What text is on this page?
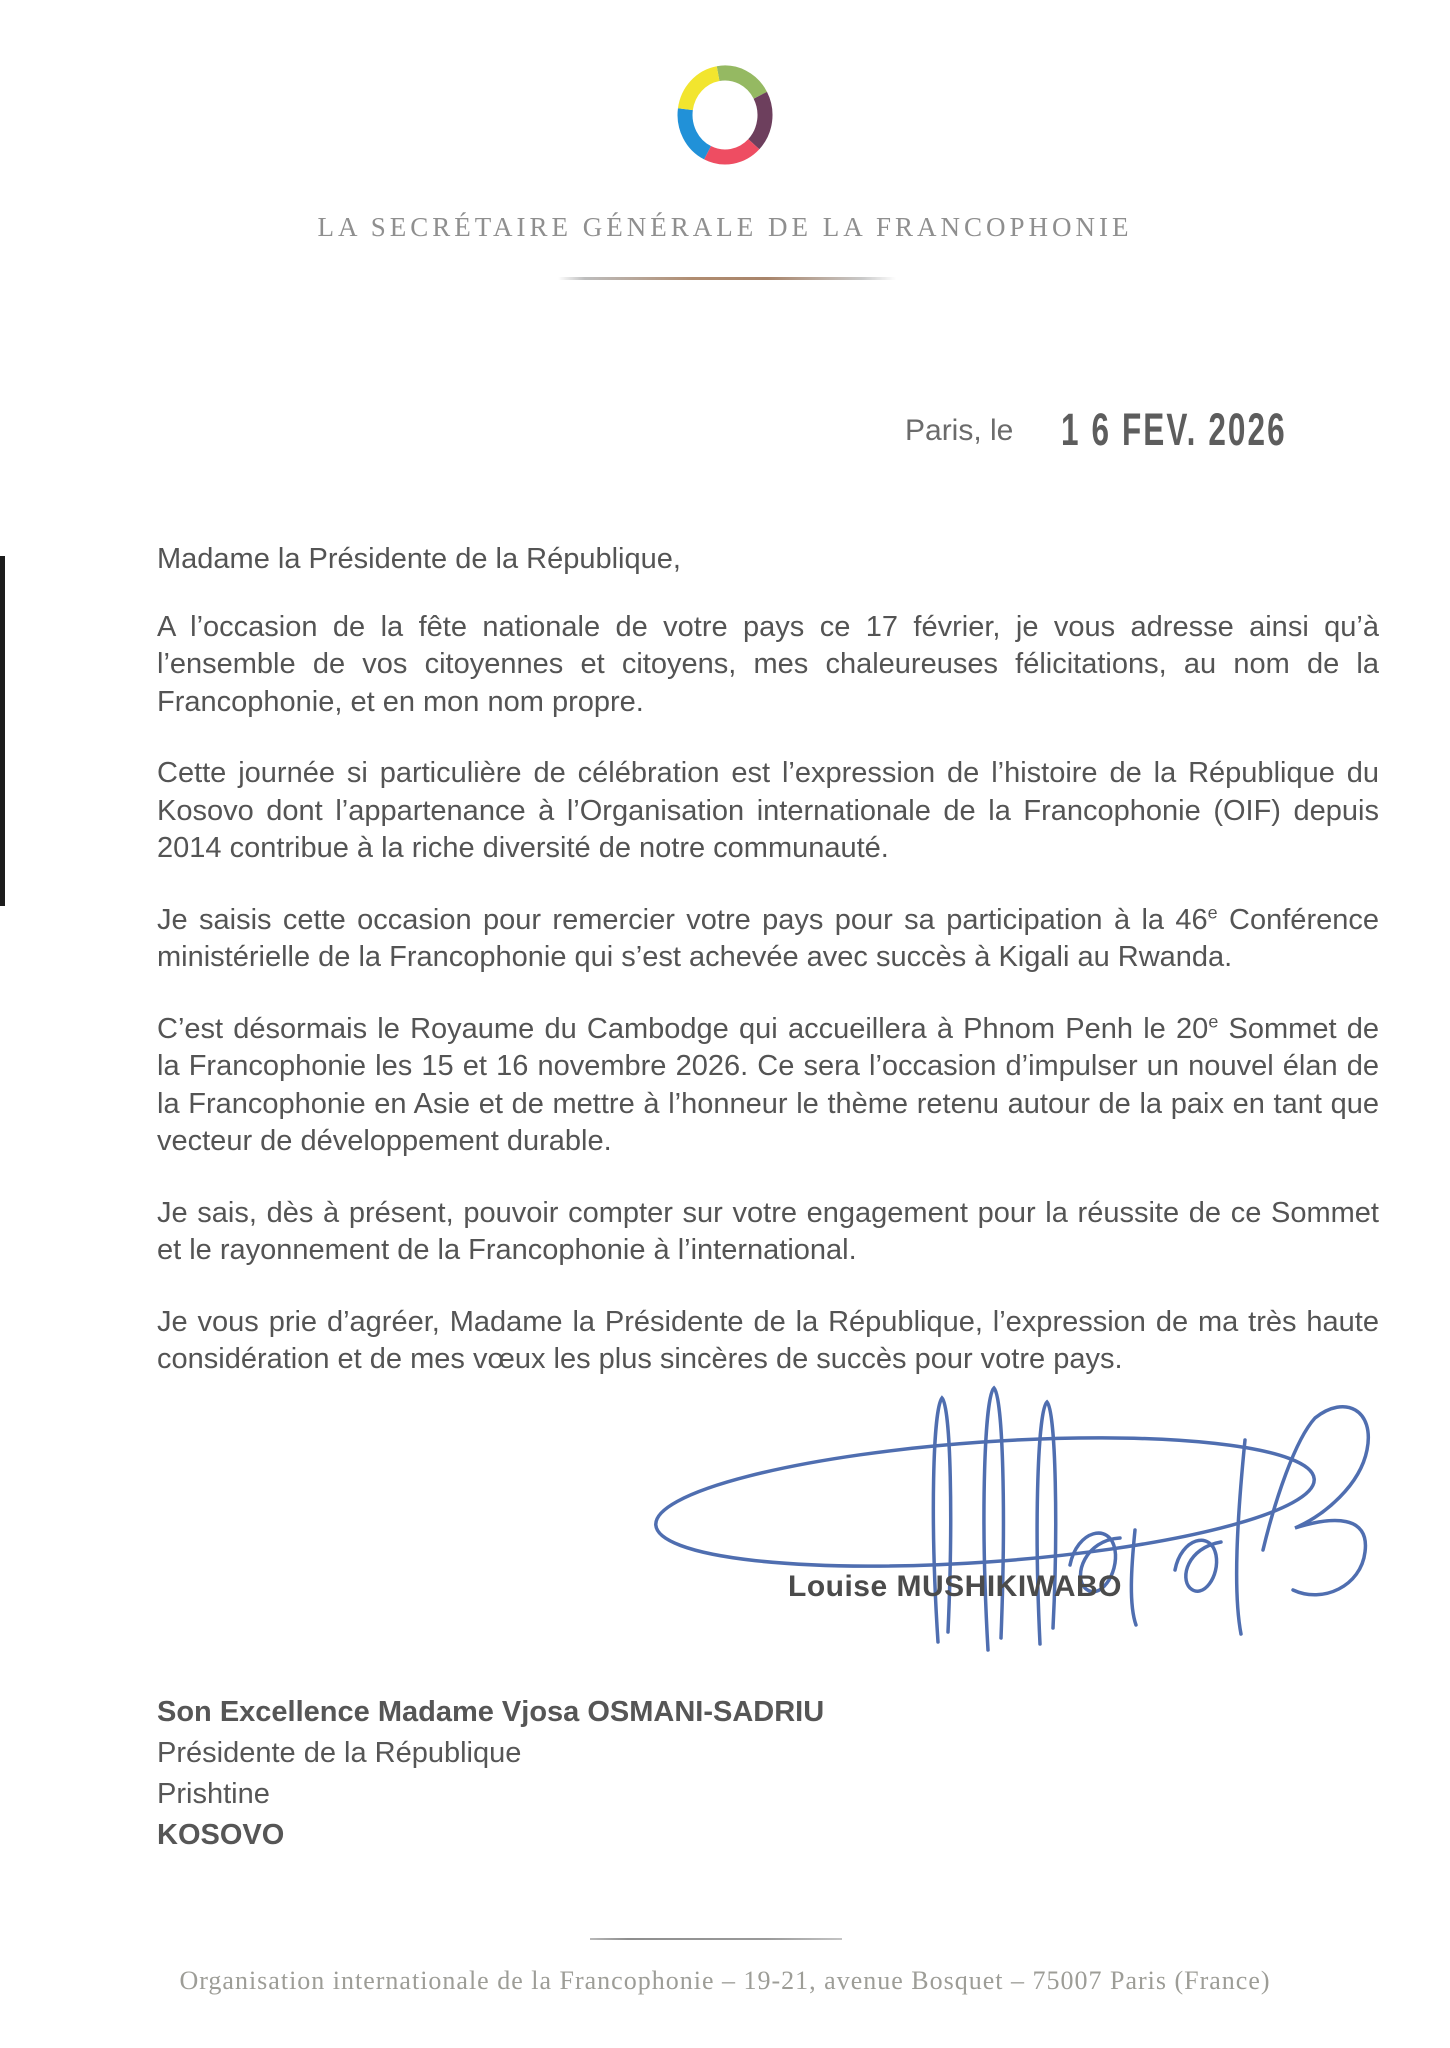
LA SECRÉTAIRE GÉNÉRALE DE LA FRANCOPHONIE
Paris, le 1 6 FEV. 2026

Madame la Présidente de la République,

A l’occasion de la fête nationale de votre pays ce 17 février, je vous adresse ainsi qu’à l’ensemble de vos citoyennes et citoyens, mes chaleureuses félicitations, au nom de la Francophonie, et en mon nom propre.

Cette journée si particulière de célébration est l’expression de l’histoire de la République du Kosovo dont l’appartenance à l’Organisation internationale de la Francophonie (OIF) depuis 2014 contribue à la riche diversité de notre communauté.

Je saisis cette occasion pour remercier votre pays pour sa participation à la 46e Conférence ministérielle de la Francophonie qui s’est achevée avec succès à Kigali au Rwanda.

C’est désormais le Royaume du Cambodge qui accueillera à Phnom Penh le 20e Sommet de la Francophonie les 15 et 16 novembre 2026. Ce sera l’occasion d’impulser un nouvel élan de la Francophonie en Asie et de mettre à l’honneur le thème retenu autour de la paix en tant que vecteur de développement durable.

Je sais, dès à présent, pouvoir compter sur votre engagement pour la réussite de ce Sommet et le rayonnement de la Francophonie à l’international.

Je vous prie d’agréer, Madame la Présidente de la République, l’expression de ma très haute considération et de mes vœux les plus sincères de succès pour votre pays.

Louise MUSHIKIWABO
Son Excellence Madame Vjosa OSMANI-SADRIU
Présidente de la République
Prishtine
KOSOVO
Organisation internationale de la Francophonie – 19-21, avenue Bosquet – 75007 Paris (France)
